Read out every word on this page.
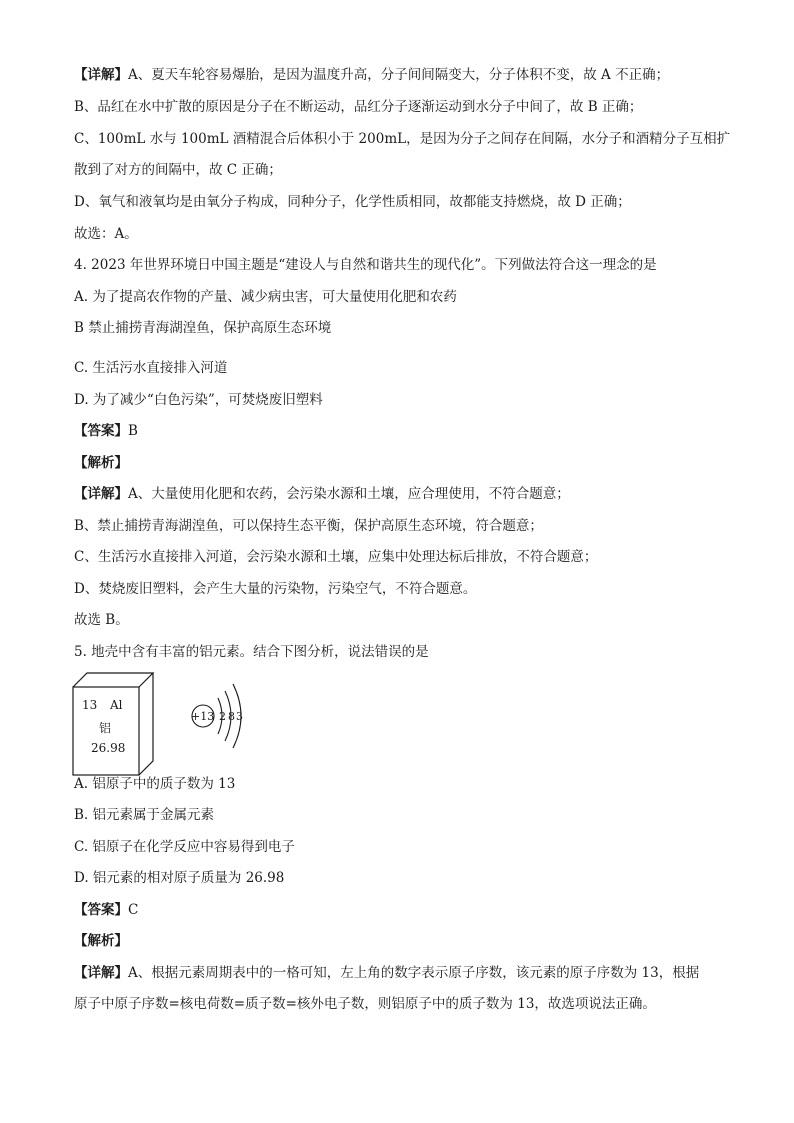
【详解】A、夏天车轮容易爆胎，是因为温度升高，分子间间隔变大，分子体积不变，故 A 不正确；
B、品红在水中扩散的原因是分子在不断运动，品红分子逐渐运动到水分子中间了，故 B 正确；
C、100mL 水与 100mL 酒精混合后体积小于 200mL，是因为分子之间存在间隔，水分子和酒精分子互相扩
散到了对方的间隔中，故 C 正确；
D、氧气和液氧均是由氧分子构成，同种分子，化学性质相同，故都能支持燃烧，故 D 正确；
故选：A。
4. 2023 年世界环境日中国主题是“建设人与自然和谐共生的现代化”。下列做法符合这一理念的是
A. 为了提高农作物的产量、减少病虫害，可大量使用化肥和农药
B 禁止捕捞青海湖湟鱼，保护高原生态环境
C. 生活污水直接排入河道
D. 为了减少“白色污染”，可焚烧废旧塑料
【答案】B
【解析】
【详解】A、大量使用化肥和农药，会污染水源和土壤，应合理使用，不符合题意；
B、禁止捕捞青海湖湟鱼，可以保持生态平衡，保护高原生态环境，符合题意；
C、生活污水直接排入河道，会污染水源和土壤，应集中处理达标后排放，不符合题意；
D、焚烧废旧塑料，会产生大量的污染物，污染空气，不符合题意。
故选 B。
5. 地壳中含有丰富的铝元素。结合下图分析，说法错误的是
13 Al
铝
26.98
+13 2 8 3
A. 铝原子中的质子数为 13
B. 铝元素属于金属元素
C. 铝原子在化学反应中容易得到电子
D. 铝元素的相对原子质量为 26.98
【答案】C
【解析】
【详解】A、根据元素周期表中的一格可知，左上角的数字表示原子序数，该元素的原子序数为 13，根据
原子中原子序数=核电荷数=质子数=核外电子数，则铝原子中的质子数为 13，故选项说法正确。
